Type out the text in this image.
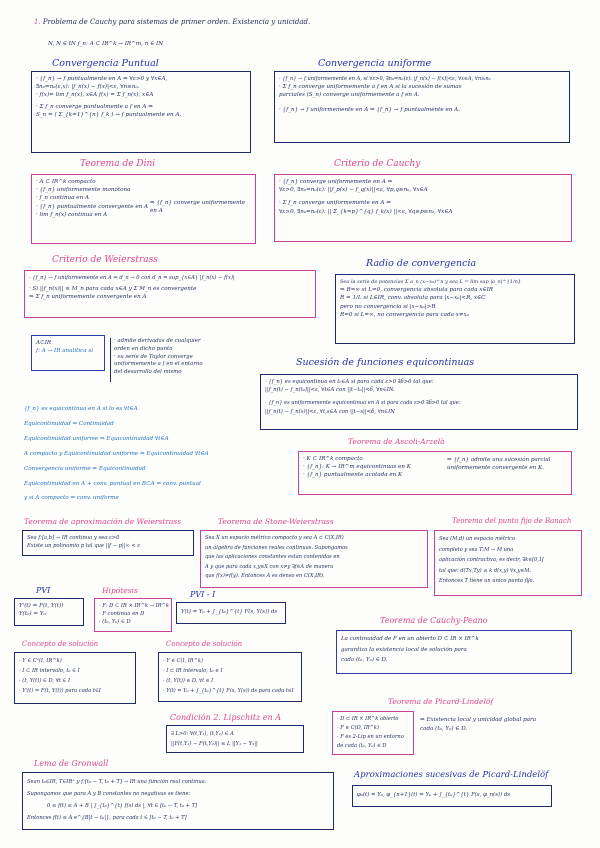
1. Problema de Cauchy para sistemas de primer orden. Existencia y unicidad.
N, N ∈ IN f_n: A ⊂ IR^k → IR^m, n ∈ IN
Convergencia Puntual
· {f_n} → f puntualmente en A ⇔ ∀ε>0 y ∀x∈A,
∃n₀=n₀(ε,x): |f_n(x) − f(x)|<ε, ∀n≥n₀.
· f(x)= lim f_n(x), x∈A f(x) = Σ f_n(x), x∈A
· Σ f_n converge puntualmente a f en A ⇔
S_n = ( Σ_{k=1}^{n} f_k ) → f puntualmente en A.
Convergencia uniforme
· {f_n} → f uniformemente en A, si ∀ε>0, ∃n₀=n₀(ε): |f_n(x) − f(x)|<ε, ∀x∈A, ∀n≥n₀
· Σ f_n converge uniformemente a f en A si la sucesión de sumas
parciales (S_n) converge uniformemente a f en A.
· {f_n} → f uniformemente en A ⇒ {f_n} → f puntualmente en A.
Teorema de Dini
· A ⊂ IR^k compacto
· {f_n} uniformemente monótona
· f_n continua en A
· {f_n} puntualmente convergente en A
· lim f_n(x) continua en A
⇒ {f_n} converge uniformemente en A
Criterio de Cauchy
· {f_n} converge uniformemente en A ⇔
∀ε>0, ∃n₀=n₀(ε): ||f_p(x) − f_q(x)||<ε, ∀p,q≥n₀, ∀x∈A
· Σ f_n converge uniformemente en A ⇔
∀ε>0, ∃n₀=n₀(ε): || Σ_{k=p}^{q} f_k(x) ||<ε, ∀q≥p≥n₀, ∀x∈A
Criterio de Weierstrass
· {f_n} → f uniformemente en A ⇔ d_n → 0 con d_n = sup_{x∈A} |f_n(x) − f(x)|
· Si ||f_n(x)|| ≤ M_n para cada x∈A y Σ M_n es convergente
⇒ Σ f_n uniformemente convergente en A
Radio de convergencia
Sea la serie de potencias Σ a_n (x−x₀)^n y sea L = lim sup |a_n|^{1/n}
⇒ R=∞ si L=0, convergencia absoluta para cada x∈IR
R = 1/L si L∈IR, conv. absoluta para |x−x₀|<R, x∈C
pero no convergencia si |x−x₀|>R
R=0 si L=∞, no convergencia para cada x≠x₀
A⊂IR
f: A → IR analítica si
· admite derivadas de cualquier
orden en dicho punto
· su serie de Taylor converge
uniformemente a f en el entorno
del desarrollo del mismo
{f_n} es equicontinua en A si lo es ∀t∈A
Equicontinuidad ⇒ Continuidad
Equicontinuidad uniforme ⇒ Equicontinuidad ∀t∈A
A compacto y Equicontinuidad uniforme ⇔ Equicontinuidad ∀t∈A
Convergencia uniforme ⇒ Equicontinuidad
Equicontinuidad en A + conv. puntual en B⊂A ⇒ conv. puntual
y si A compacto ⇒ conv. uniforme
Sucesión de funciones equicontinuas
· {f_n} es equicontinua en t₀∈A si para cada ε>0 ∃δ>0 tal que:
||f_n(t) − f_n(t₀)||<ε, ∀t∈A con ||t−t₀||<δ, ∀n∈IN.
· {f_n} es uniformemente equicontinua en A si para cada ε>0 ∃δ>0 tal que:
||f_n(t) − f_n(s)||<ε, ∀t,s∈A con ||t−s||<δ, ∀n∈IN
Teorema de Ascoli-Arzelà
· K ⊂ IR^k compacto
· {f_n}: K → IR^m equicontinuas en K
· {f_n} puntualmente acotada en K
⇒ {f_n} admite una sucesión parcial uniformemente convergente en K.
Teorema de aproximación de Weierstrass
Sea f:[a,b] → IR continua y sea ε>0
Existe un polinomio p tal que ||f − p||∞ < ε
Teorema de Stone-Weierstrass
Sea X un espacio métrico compacto y sea A ⊂ C(X,IR)
un álgebra de funciones reales continuas. Supongamos
que las aplicaciones constantes están contenidas en
A y que para cada x,y∈X con x≠y ∃f∈A de manera
que f(x)≠f(y). Entonces A es denso en C(X,IR).
Teorema del punto fijo de Banach
Sea (M,d) un espacio métrico
completo y sea T:M → M una
aplicación contractiva, es decir, ∃k∈[0,1[
tal que: d(Tx,Ty) ≤ k d(x,y) ∀x,y∈M.
Entonces T tiene un único punto fijo.
PVI
Y'(t) = F(t, Y(t))
Y(t₀) = Y₀
Hipótesis
· F: D ⊂ IR × IR^k → IR^k
· F continua en D
· (t₀, Y₀) ∈ D
PVI - I
Y(t) = Y₀ + ∫_{t₀}^{t} F(s, Y(s)) ds
Teorema de Cauchy-Peano
La continuidad de F en un abierto D ⊂ IR × IR^k
garantiza la existencia local de solución para
cada (t₀, Y₀) ∈ D.
Concepto de solución
· Y ∈ C¹(I, IR^k)
· I ⊂ IR intervalo, t₀ ∈ I
· (t, Y(t)) ∈ D, ∀t ∈ I
· Y'(t) = F(t, Y(t)) para cada t∈I
Concepto de solución
· Y ∈ C(I, IR^k)
· I ⊂ IR intervalo, t₀ ∈ I
· (t, Y(t)) ∈ D, ∀t ∈ I
· Y(t) = Y₀ + ∫_{t₀}^{t} F(s, Y(s)) ds para cada t∈I
Condición 2. Lipschitz en A
∃ L>0: ∀(t,Y₁), (t,Y₂) ∈ A
||F(t,Y₁) − F(t,Y₂)|| ≤ L ||Y₁ − Y₂||
Teorema de Picard-Lindelöf
· D ⊂ IR × IR^k abierto
· F ∈ C(D, IR^k)
· F es 2-Lip en un entorno
de cada (t₀, Y₀) ∈ D
⇒ Existencia local y unicidad global para cada (t₀, Y₀) ∈ D.
Lema de Gronwall
Sean t₀∈IR, T∈IR⁺ y f:[t₀ − T, t₀ + T] → IR una función real continua.
Supongamos que para A y B constantes no negativas se tiene:
0 ≤ f(t) ≤ A + B | ∫_{t₀}^{t} f(s) ds |, ∀t ∈ [t₀ − T, t₀ + T]
Entonces f(t) ≤ A e^{B|t − t₀|}, para cada t ∈ [t₀ − T, t₀ + T]
Aproximaciones sucesivas de Picard-Lindelöf
φ₀(t) = Y₀, φ_{n+1}(t) = Y₀ + ∫_{t₀}^{t} F(s, φ_n(s)) ds
